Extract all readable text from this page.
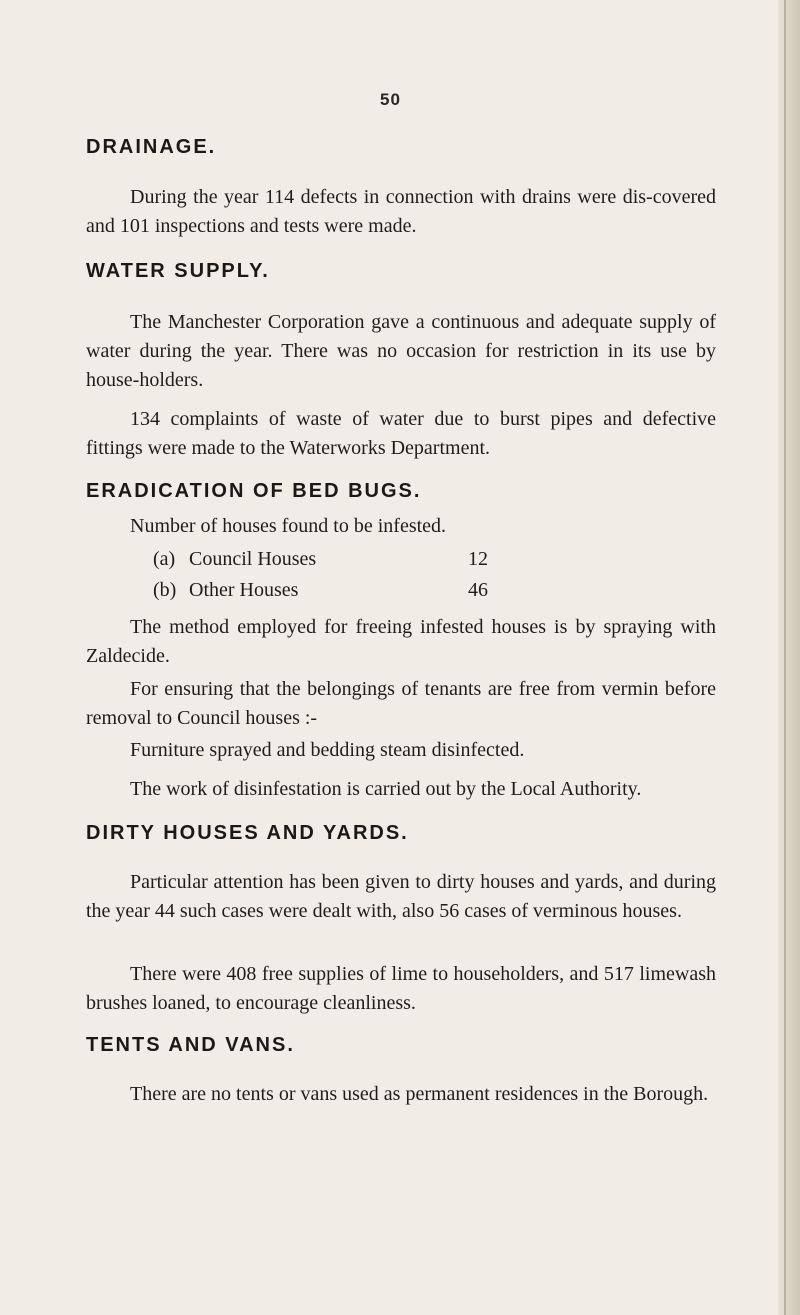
50
DRAINAGE.

During the year 114 defects in connection with drains were dis-covered and 101 inspections and tests were made.

WATER SUPPLY.

The Manchester Corporation gave a continuous and adequate supply of water during the year. There was no occasion for restriction in its use by house-holders.

134 complaints of waste of water due to burst pipes and defective fittings were made to the Waterworks Department.

ERADICATION OF BED BUGS.

Number of houses found to be infested.

(a) Council Houses	12
(b) Other Houses	46

The method employed for freeing infested houses is by spraying with Zaldecide.

For ensuring that the belongings of tenants are free from vermin before removal to Council houses :-

Furniture sprayed and bedding steam disinfected.

The work of disinfestation is carried out by the Local Authority.

DIRTY HOUSES AND YARDS.

Particular attention has been given to dirty houses and yards, and during the year 44 such cases were dealt with, also 56 cases of verminous houses.

There were 408 free supplies of lime to householders, and 517 limewash brushes loaned, to encourage cleanliness.

TENTS AND VANS.

There are no tents or vans used as permanent residences in the Borough.
